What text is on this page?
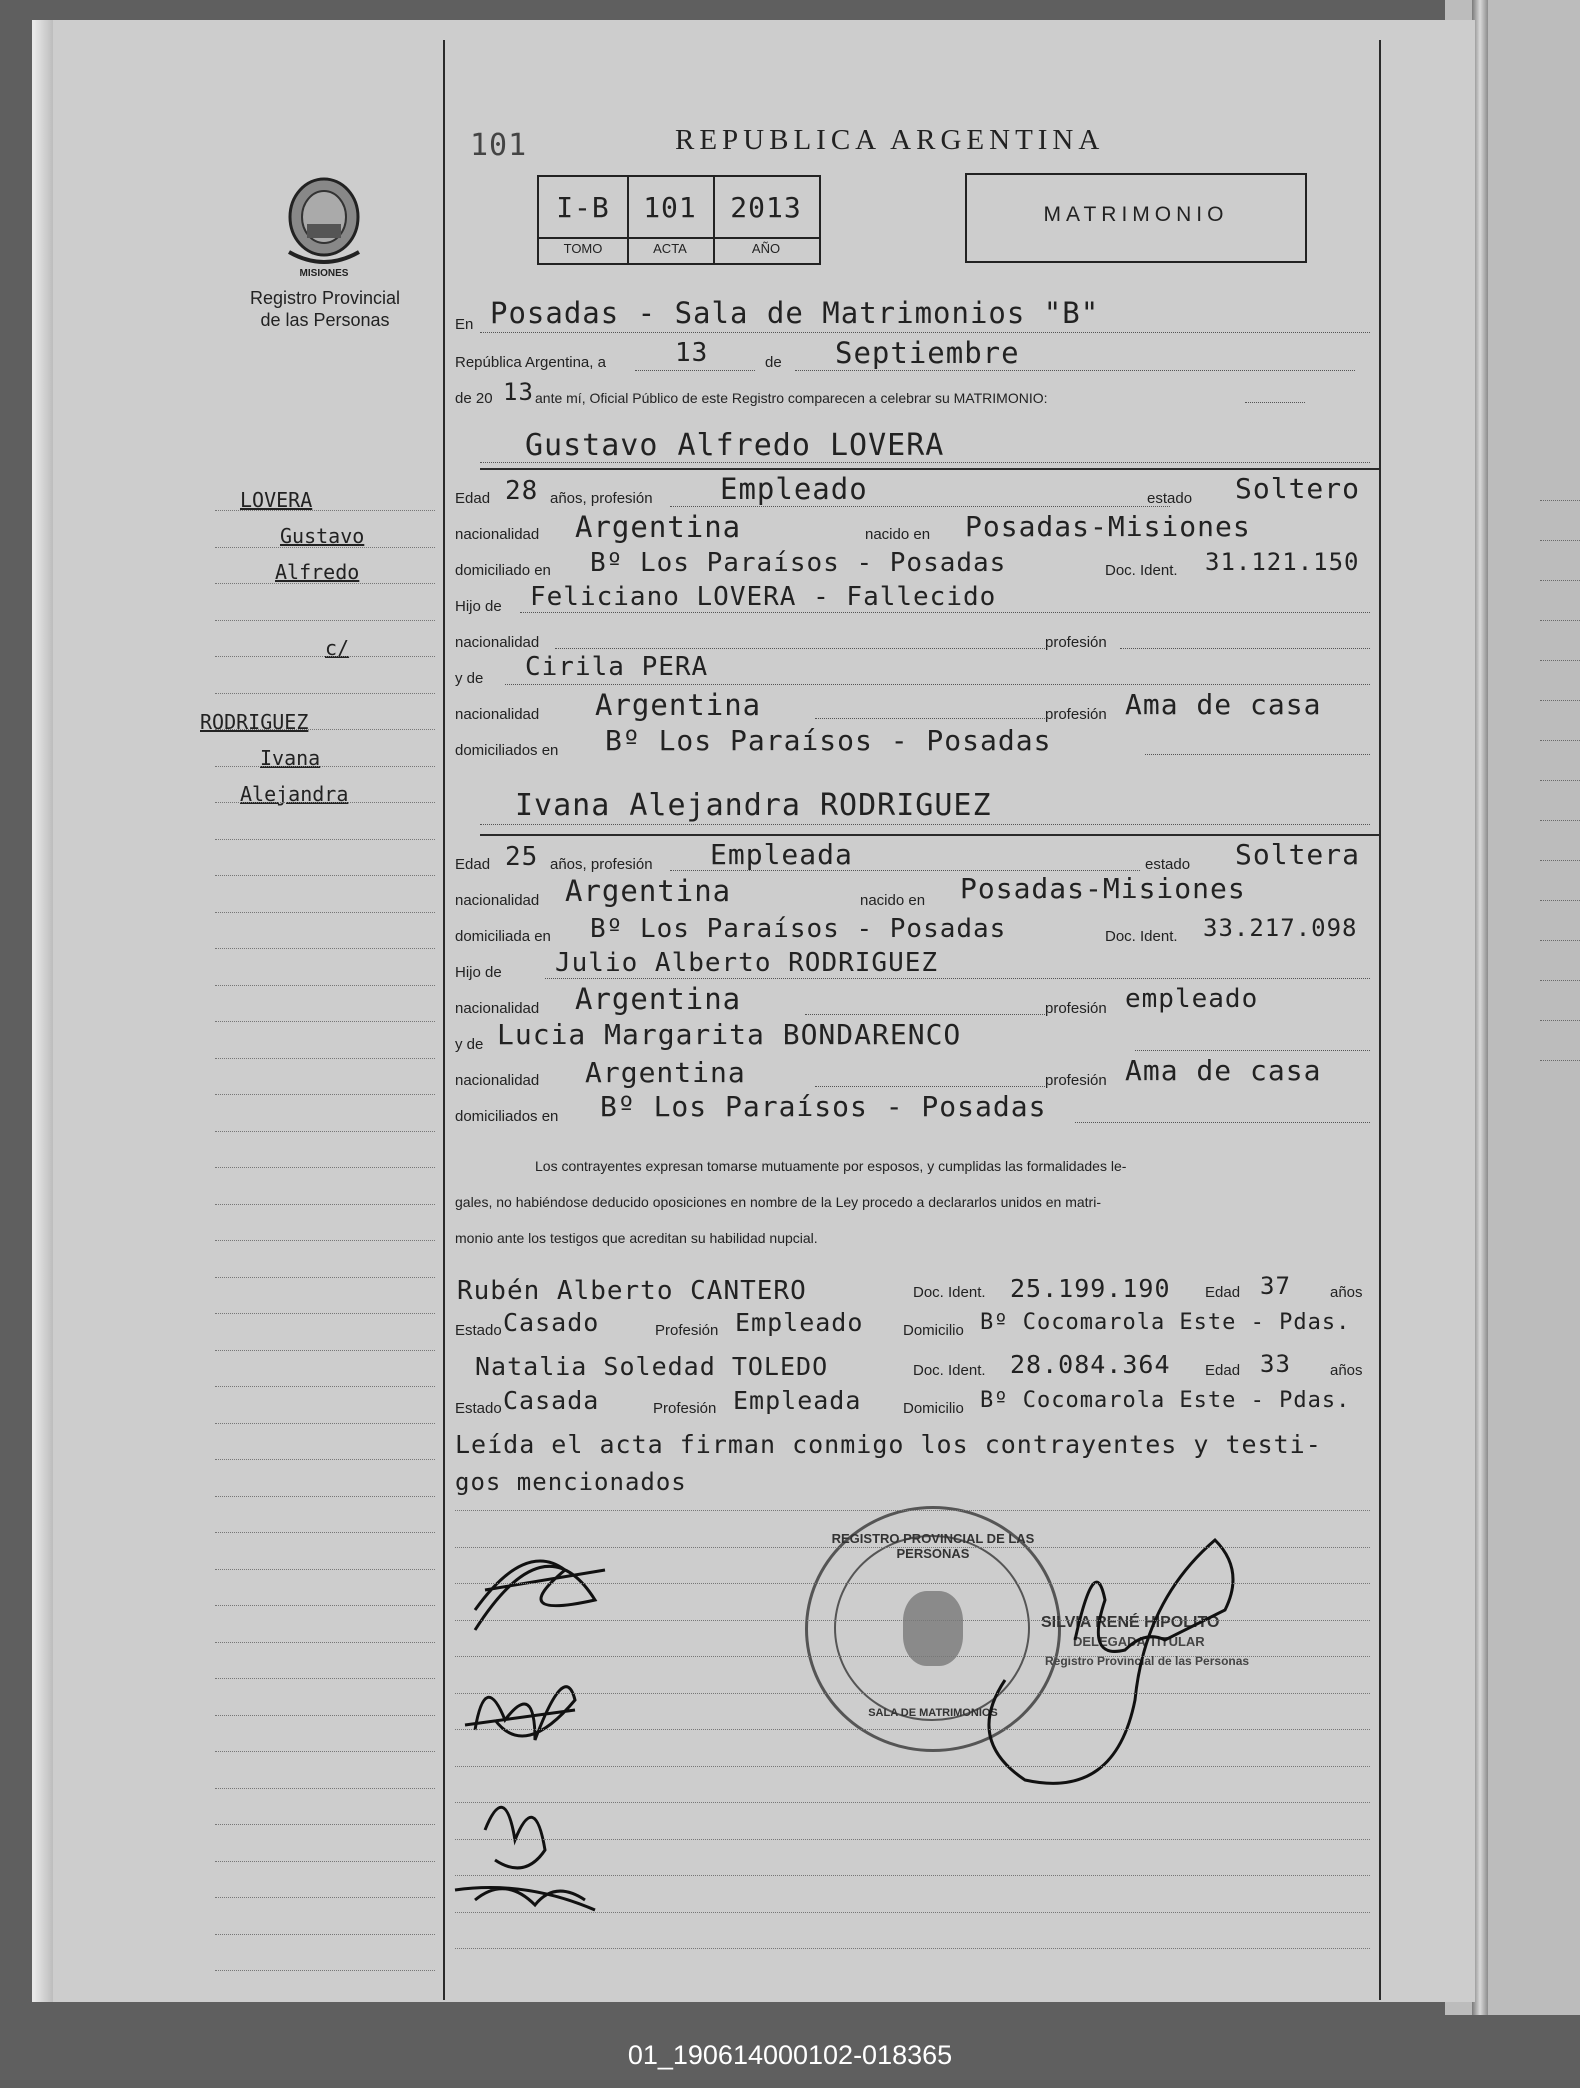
MISIONES
Registro Provincial
de las Personas
101	REPUBLICA ARGENTINA
I-B	101	2013
TOMO	ACTA	AÑO
MATRIMONIO
En Posadas - Sala de Matrimonios "B"
República Argentina, a	13	de Septiembre
de 20 13 ante mí, Oficial Público de este Registro comparecen a celebrar su MATRIMONIO:
Gustavo Alfredo LOVERA
Edad 28 años, profesión Empleado	estado Soltero
nacionalidad Argentina	nacido en Posadas-Misiones
domiciliado en Bº Los Paraísos - Posadas	Doc. Ident. 31.121.150
Hijo de Feliciano LOVERA - Fallecido
nacionalidad	profesión
y de Cirila PERA
nacionalidad Argentina	profesión Ama de casa
domiciliados en Bº Los Paraísos - Posadas
Ivana Alejandra RODRIGUEZ
Edad 25 años, profesión Empleada	estado Soltera
nacionalidad Argentina	nacido en Posadas-Misiones
domiciliada en Bº Los Paraísos - Posadas	Doc. Ident. 33.217.098
Hijo de Julio Alberto RODRIGUEZ
nacionalidad Argentina	profesión empleado
y de Lucia Margarita BONDARENCO
nacionalidad Argentina	profesión Ama de casa
domiciliados en Bº Los Paraísos - Posadas
Los contrayentes expresan tomarse mutuamente por esposos, y cumplidas las formalidades le-
gales, no habiéndose deducido oposiciones en nombre de la Ley procedo a declararlos unidos en matri-
monio ante los testigos que acreditan su habilidad nupcial.
Rubén Alberto CANTERO	Doc. Ident. 25.199.190 Edad 37	años
Estado Casado	Profesión Empleado	Domicilio Bº Cocomarola Este - Pdas.
Natalia Soledad TOLEDO	Doc. Ident. 28.084.364 Edad 33	años
Estado Casada	Profesión Empleada	Domicilio Bº Cocomarola Este - Pdas.
Leída el acta firman conmigo los contrayentes y testi-
gos mencionados
REGISTRO PROVINCIAL DE LAS PERSONAS
SALA DE MATRIMONIOS
SILVIA RENÉ HIPOLITO
DELEGADA TITULAR
Registro Provincial de las Personas
LOVERA
Gustavo
Alfredo
c/
RODRIGUEZ
Ivana
Alejandra
01_190614000102-018365
